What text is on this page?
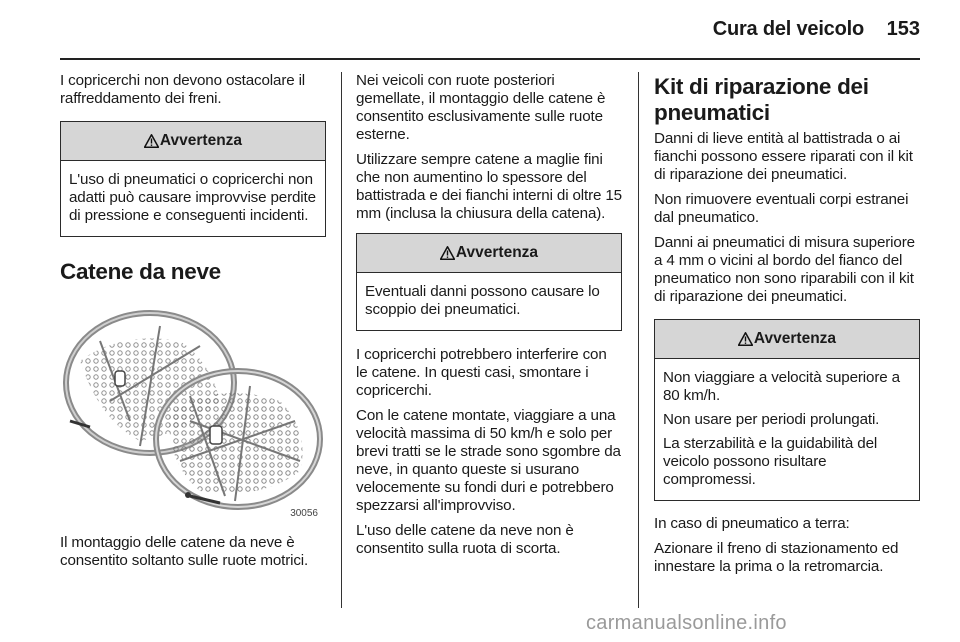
Cura del veicolo	153

I copricerchi non devono ostacolare il raffreddamento dei freni.

Avvertenza

L'uso di pneumatici o copricerchi non adatti può causare improvvise perdite di pressione e conseguenti incidenti.

Catene da neve
30056

Il montaggio delle catene da neve è consentito soltanto sulle ruote motrici.

Nei veicoli con ruote posteriori gemellate, il montaggio delle catene è consentito esclusivamente sulle ruote esterne.

Utilizzare sempre catene a maglie fini che non aumentino lo spessore del battistrada e dei fianchi interni di oltre 15 mm (inclusa la chiusura della catena).

Avvertenza

Eventuali danni possono causare lo scoppio dei pneumatici.

I copricerchi potrebbero interferire con le catene. In questi casi, smontare i copricerchi.

Con le catene montate, viaggiare a una velocità massima di 50 km/h e solo per brevi tratti se le strade sono sgombre da neve, in quanto queste si usurano velocemente su fondi duri e potrebbero spezzarsi all'improvviso.

L'uso delle catene da neve non è consentito sulla ruota di scorta.

Kit di riparazione dei pneumatici

Danni di lieve entità al battistrada o ai fianchi possono essere riparati con il kit di riparazione dei pneumatici.

Non rimuovere eventuali corpi estranei dal pneumatico.

Danni ai pneumatici di misura superiore a 4 mm o vicini al bordo del fianco del pneumatico non sono riparabili con il kit di riparazione dei pneumatici.

Avvertenza

Non viaggiare a velocità superiore a 80 km/h.

Non usare per periodi prolungati.

La sterzabilità e la guidabilità del veicolo possono risultare compromessi.

In caso di pneumatico a terra:

Azionare il freno di stazionamento ed innestare la prima o la retromarcia.

carmanualsonline.info
